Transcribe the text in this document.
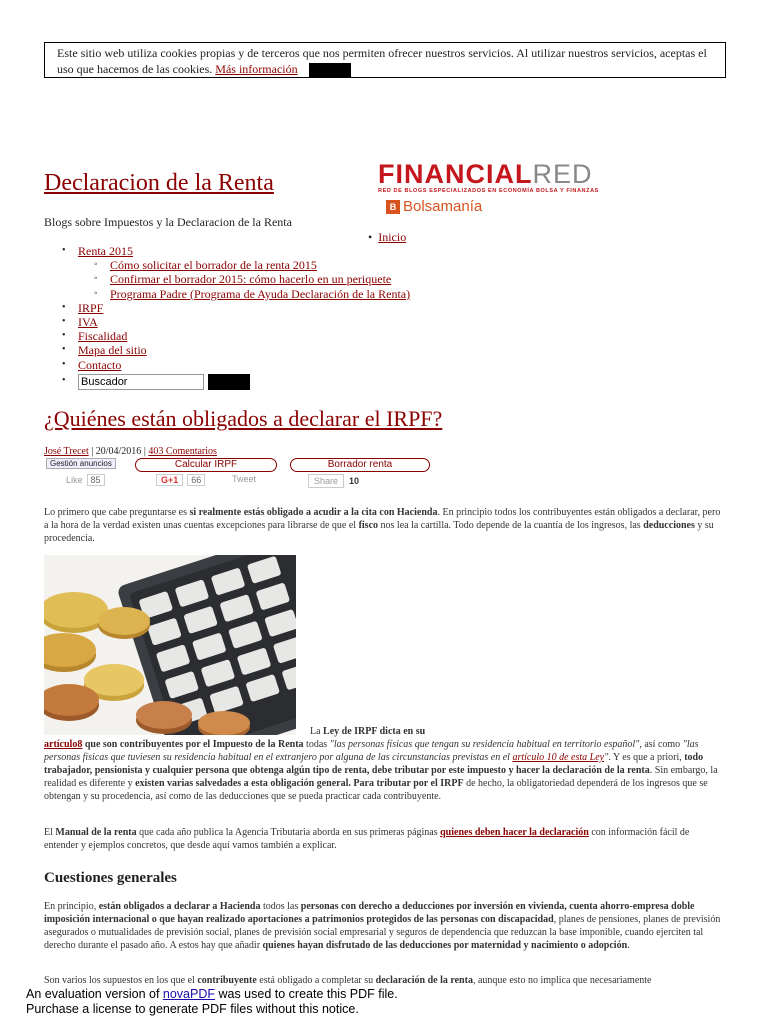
Este sitio web utiliza cookies propias y de terceros que nos permiten ofrecer nuestros servicios. Al utilizar nuestros servicios, aceptas el uso que hacemos de las cookies. Más información
Declaracion de la Renta
Blogs sobre Impuestos y la Declaracion de la Renta
FINANCIALRED
RED DE BLOGS ESPECIALIZADOS EN ECONOMÍA BOLSA Y FINANZAS
B Bolsamanía
•  Inicio
• Renta 2015
◦ Cómo solicitar el borrador de la renta 2015
◦ Confirmar el borrador 2015: cómo hacerlo en un periquete
◦ Programa Padre (Programa de Ayuda Declaración de la Renta)
• IRPF
• IVA
• Fiscalidad
• Mapa del sitio
• Contacto
•
Buscador
¿Quiénes están obligados a declarar el IRPF?
José Trecet | 20/04/2016 | 403 Comentarios
Gestión anuncios	Calcular IRPF	Borrador renta
Like 85	G+1 66	Tweet	Share 10
Lo primero que cabe preguntarse es si realmente estás obligado a acudir a la cita con Hacienda. En principio todos los contribuyentes están obligados a declarar, pero a la hora de la verdad existen unas cuentas excepciones para librarse de que el fisco nos lea la cartilla. Todo depende de la cuantía de los ingresos, las deducciones y su procedencia.
La Ley de IRPF dicta en su
artículo8 que son contribuyentes por el Impuesto de la Renta todas "las personas físicas que tengan su residencia habitual en territorio español", así como "las personas físicas que tuviesen su residencia habitual en el extranjero por alguna de las circunstancias previstas en el artículo 10 de esta Ley". Y es que a priori, todo trabajador, pensionista y cualquier persona que obtenga algún tipo de renta, debe tributar por este impuesto y hacer la declaración de la renta. Sin embargo, la realidad es diferente y existen varias salvedades a esta obligación general. Para tributar por el IRPF de hecho, la obligatoriedad dependerá de los ingresos que se obtengan y su procedencia, así como de las deducciones que se pueda practicar cada contribuyente.
El Manual de la renta que cada año publica la Agencia Tributaria aborda en sus primeras páginas quienes deben hacer la declaración con información fácil de entender y ejemplos concretos, que desde aquí vamos también a explicar.
Cuestiones generales
En principio, están obligados a declarar a Hacienda todos las personas con derecho a deducciones por inversión en vivienda, cuenta ahorro-empresa doble imposición internacional o que hayan realizado aportaciones a patrimonios protegidos de las personas con discapacidad, planes de pensiones, planes de previsión asegurados o mutualidades de previsión social, planes de previsión social empresarial y seguros de dependencia que reduzcan la base imponible, cuando ejerciten tal derecho durante el pasado año. A estos hay que añadir quienes hayan disfrutado de las deducciones por maternidad y nacimiento o adopción.
Son varios los supuestos en los que el contribuyente está obligado a completar su declaración de la renta, aunque esto no implica que necesariamente
An evaluation version of novaPDF was used to create this PDF file.
Purchase a license to generate PDF files without this notice.
